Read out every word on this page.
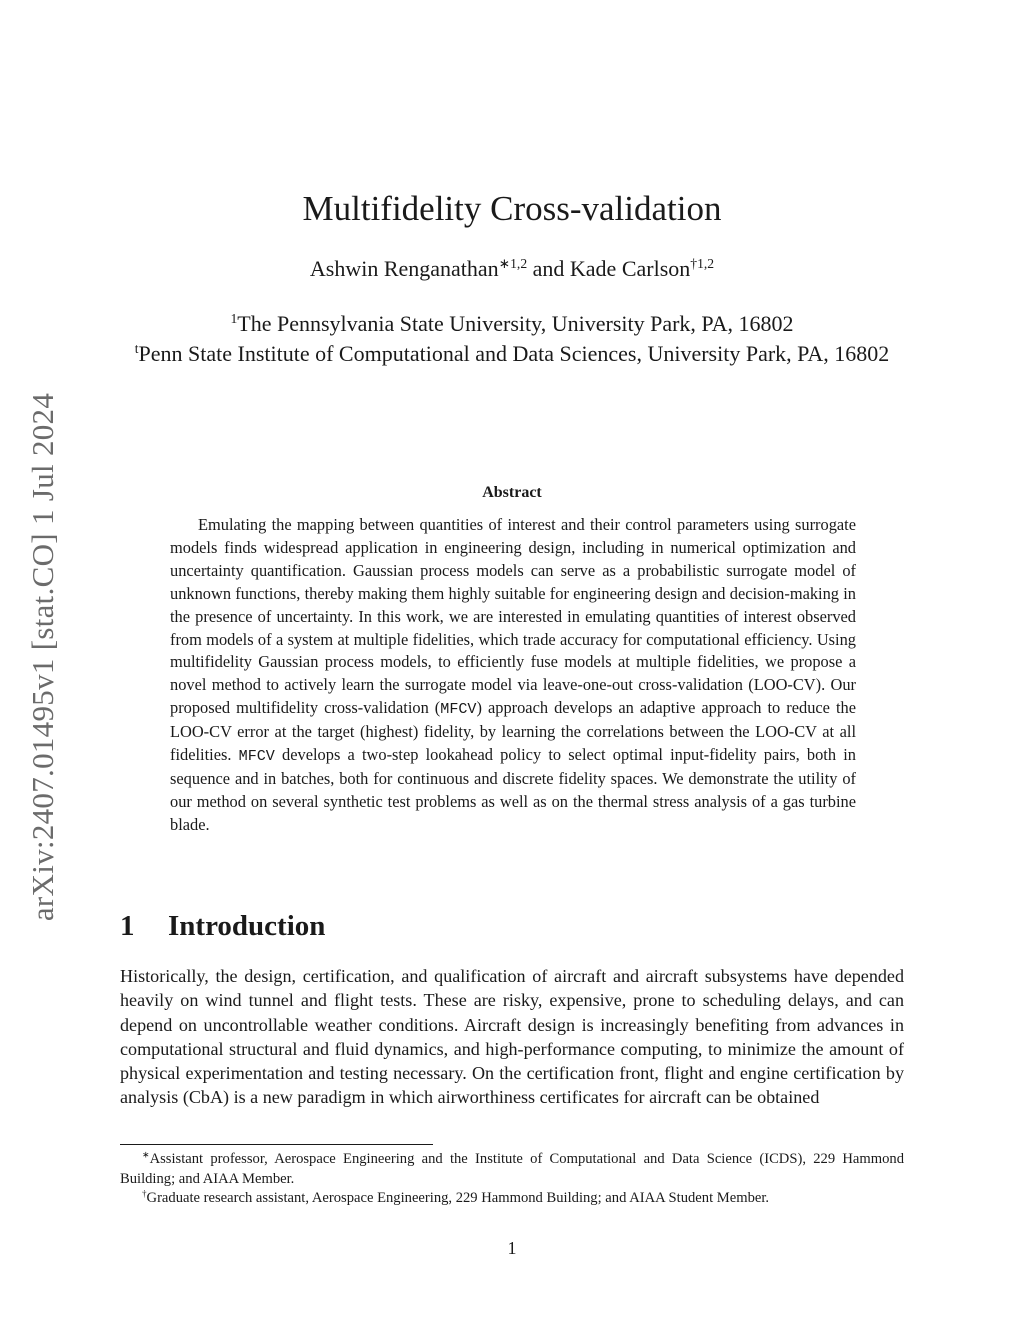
arXiv:2407.01495v1 [stat.CO] 1 Jul 2024
Multifidelity Cross-validation
Ashwin Renganathan$^{∗1,2}$ and Kade Carlson$^{\dagger 1,2}$
$^1$The Pennsylvania State University, University Park, PA, 16802
$^t$Penn State Institute of Computational and Data Sciences, University Park, PA, 16802
Abstract

Emulating the mapping between quantities of interest and their control parameters using surrogate models finds widespread application in engineering design, including in numerical optimization and uncertainty quantification. Gaussian process models can serve as a probabilistic surrogate model of unknown functions, thereby making them highly suitable for engineering design and decision-making in the presence of uncertainty. In this work, we are interested in emulating quantities of interest observed from models of a system at multiple fidelities, which trade accuracy for computational efficiency. Using multifidelity Gaussian process models, to efficiently fuse models at multiple fidelities, we propose a novel method to actively learn the surrogate model via leave-one-out cross-validation (LOO-CV). Our proposed multifidelity cross-validation (MFCV) approach develops an adaptive approach to reduce the LOO-CV error at the target (highest) fidelity, by learning the correlations between the LOO-CV at all fidelities. MFCV develops a two-step lookahead policy to select optimal input-fidelity pairs, both in sequence and in batches, both for continuous and discrete fidelity spaces. We demonstrate the utility of our method on several synthetic test problems as well as on the thermal stress analysis of a gas turbine blade.

1 Introduction

Historically, the design, certification, and qualification of aircraft and aircraft subsystems have depended heavily on wind tunnel and flight tests. These are risky, expensive, prone to scheduling delays, and can depend on uncontrollable weather conditions. Aircraft design is increasingly benefiting from advances in computational structural and fluid dynamics, and high-performance computing, to minimize the amount of physical experimentation and testing necessary. On the certification front, flight and engine certification by analysis (CbA) is a new paradigm in which airworthiness certificates for aircraft can be obtained

∗Assistant professor, Aerospace Engineering and the Institute of Computational and Data Science (ICDS), 229 Hammond Building; and AIAA Member.

†Graduate research assistant, Aerospace Engineering, 229 Hammond Building; and AIAA Student Member.

1
